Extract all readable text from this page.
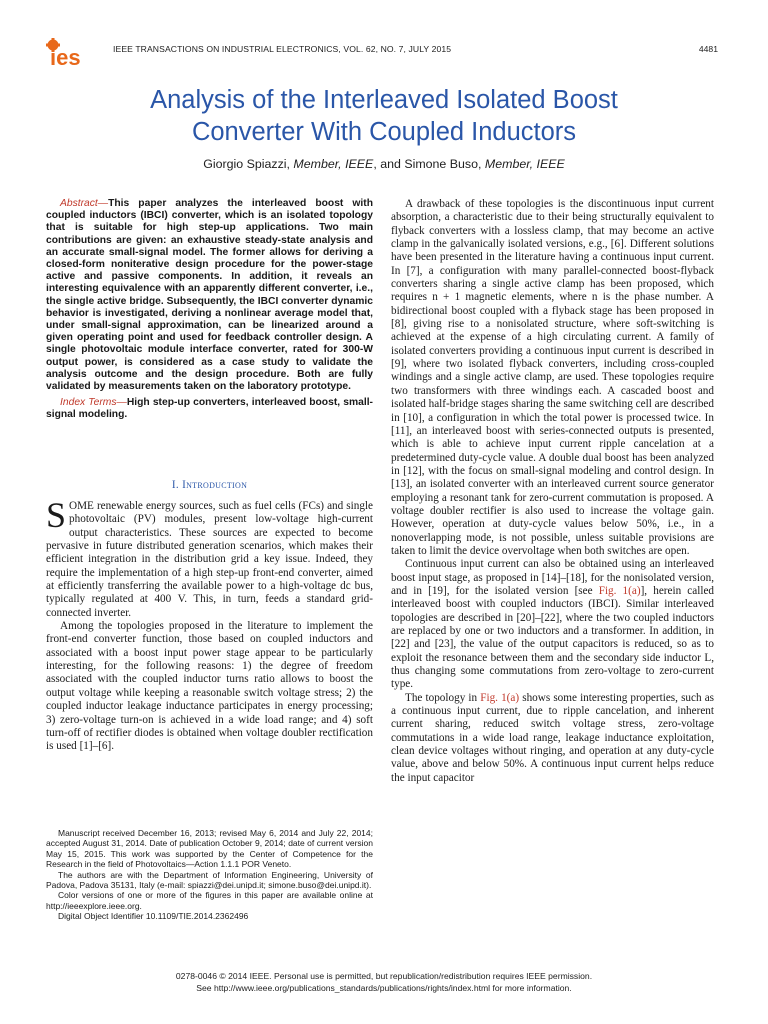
ies	IEEE TRANSACTIONS ON INDUSTRIAL ELECTRONICS, VOL. 62, NO. 7, JULY 2015	4481
Analysis of the Interleaved Isolated Boost
Converter With Coupled Inductors
Giorgio Spiazzi, Member, IEEE, and Simone Buso, Member, IEEE

Abstract—This paper analyzes the interleaved boost with coupled inductors (IBCI) converter, which is an isolated topology that is suitable for high step-up applications. Two main contributions are given: an exhaustive steady-state analysis and an accurate small-signal model. The former allows for deriving a closed-form noniterative design procedure for the power-stage active and passive components. In addition, it reveals an interesting equivalence with an apparently different converter, i.e., the single active bridge. Subsequently, the IBCI converter dynamic behavior is investigated, deriving a nonlinear average model that, under small-signal approximation, can be linearized around a given operating point and used for feedback controller design. A single photovoltaic module interface converter, rated for 300-W output power, is considered as a case study to validate the analysis outcome and the design procedure. Both are fully validated by measurements taken on the laboratory prototype.

Index Terms—High step-up converters, interleaved boost, small-signal modeling.

I. Introduction

SOME renewable energy sources, such as fuel cells (FCs) and single photovoltaic (PV) modules, present low-voltage high-current output characteristics. These sources are expected to become pervasive in future distributed generation scenarios, which makes their efficient integration in the distribution grid a key issue. Indeed, they require the implementation of a high step-up front-end converter, aimed at efficiently transferring the available power to a high-voltage dc bus, typically regulated at 400 V. This, in turn, feeds a standard grid-connected inverter.

Among the topologies proposed in the literature to implement the front-end converter function, those based on coupled inductors and associated with a boost input power stage appear to be particularly interesting, for the following reasons: 1) the degree of freedom associated with the coupled inductor turns ratio allows to boost the output voltage while keeping a reasonable switch voltage stress; 2) the coupled inductor leakage inductance participates in energy processing; 3) zero-voltage turn-on is achieved in a wide load range; and 4) soft turn-off of rectifier diodes is obtained when voltage doubler rectification is used [1]–[6].

Manuscript received December 16, 2013; revised May 6, 2014 and July 22, 2014; accepted August 31, 2014. Date of publication October 9, 2014; date of current version May 15, 2015. This work was supported by the Center of Competence for the Research in the field of Photovoltaics—Action 1.1.1 POR Veneto.

The authors are with the Department of Information Engineering, University of Padova, Padova 35131, Italy (e-mail: spiazzi@dei.unipd.it; simone.buso@dei.unipd.it).

Color versions of one or more of the figures in this paper are available online at http://ieeexplore.ieee.org.

Digital Object Identifier 10.1109/TIE.2014.2362496

A drawback of these topologies is the discontinuous input current absorption, a characteristic due to their being structurally equivalent to flyback converters with a lossless clamp, that may become an active clamp in the galvanically isolated versions, e.g., [6]. Different solutions have been presented in the literature having a continuous input current. In [7], a configuration with many parallel-connected boost-flyback converters sharing a single active clamp has been proposed, which requires n + 1 magnetic elements, where n is the phase number. A bidirectional boost coupled with a flyback stage has been proposed in [8], giving rise to a nonisolated structure, where soft-switching is achieved at the expense of a high circulating current. A family of isolated converters providing a continuous input current is described in [9], where two isolated flyback converters, including cross-coupled windings and a single active clamp, are used. These topologies require two transformers with three windings each. A cascaded boost and isolated half-bridge stages sharing the same switching cell are described in [10], a configuration in which the total power is processed twice. In [11], an interleaved boost with series-connected outputs is presented, which is able to achieve input current ripple cancelation at a predetermined duty-cycle value. A double dual boost has been analyzed in [12], with the focus on small-signal modeling and control design. In [13], an isolated converter with an interleaved current source generator employing a resonant tank for zero-current commutation is proposed. A voltage doubler rectifier is also used to increase the voltage gain. However, operation at duty-cycle values below 50%, i.e., in a nonoverlapping mode, is not possible, unless suitable provisions are taken to limit the device overvoltage when both switches are open.

Continuous input current can also be obtained using an interleaved boost input stage, as proposed in [14]–[18], for the nonisolated version, and in [19], for the isolated version [see Fig. 1(a)], herein called interleaved boost with coupled inductors (IBCI). Similar interleaved topologies are described in [20]–[22], where the two coupled inductors are replaced by one or two inductors and a transformer. In addition, in [22] and [23], the value of the output capacitors is reduced, so as to exploit the resonance between them and the secondary side inductor L, thus changing some commutations from zero-voltage to zero-current type.

The topology in Fig. 1(a) shows some interesting properties, such as a continuous input current, due to ripple cancelation, and inherent current sharing, reduced switch voltage stress, zero-voltage commutations in a wide load range, leakage inductance exploitation, clean device voltages without ringing, and operation at any duty-cycle value, above and below 50%. A continuous input current helps reduce the input capacitor

0278-0046 © 2014 IEEE. Personal use is permitted, but republication/redistribution requires IEEE permission.
See http://www.ieee.org/publications_standards/publications/rights/index.html for more information.
